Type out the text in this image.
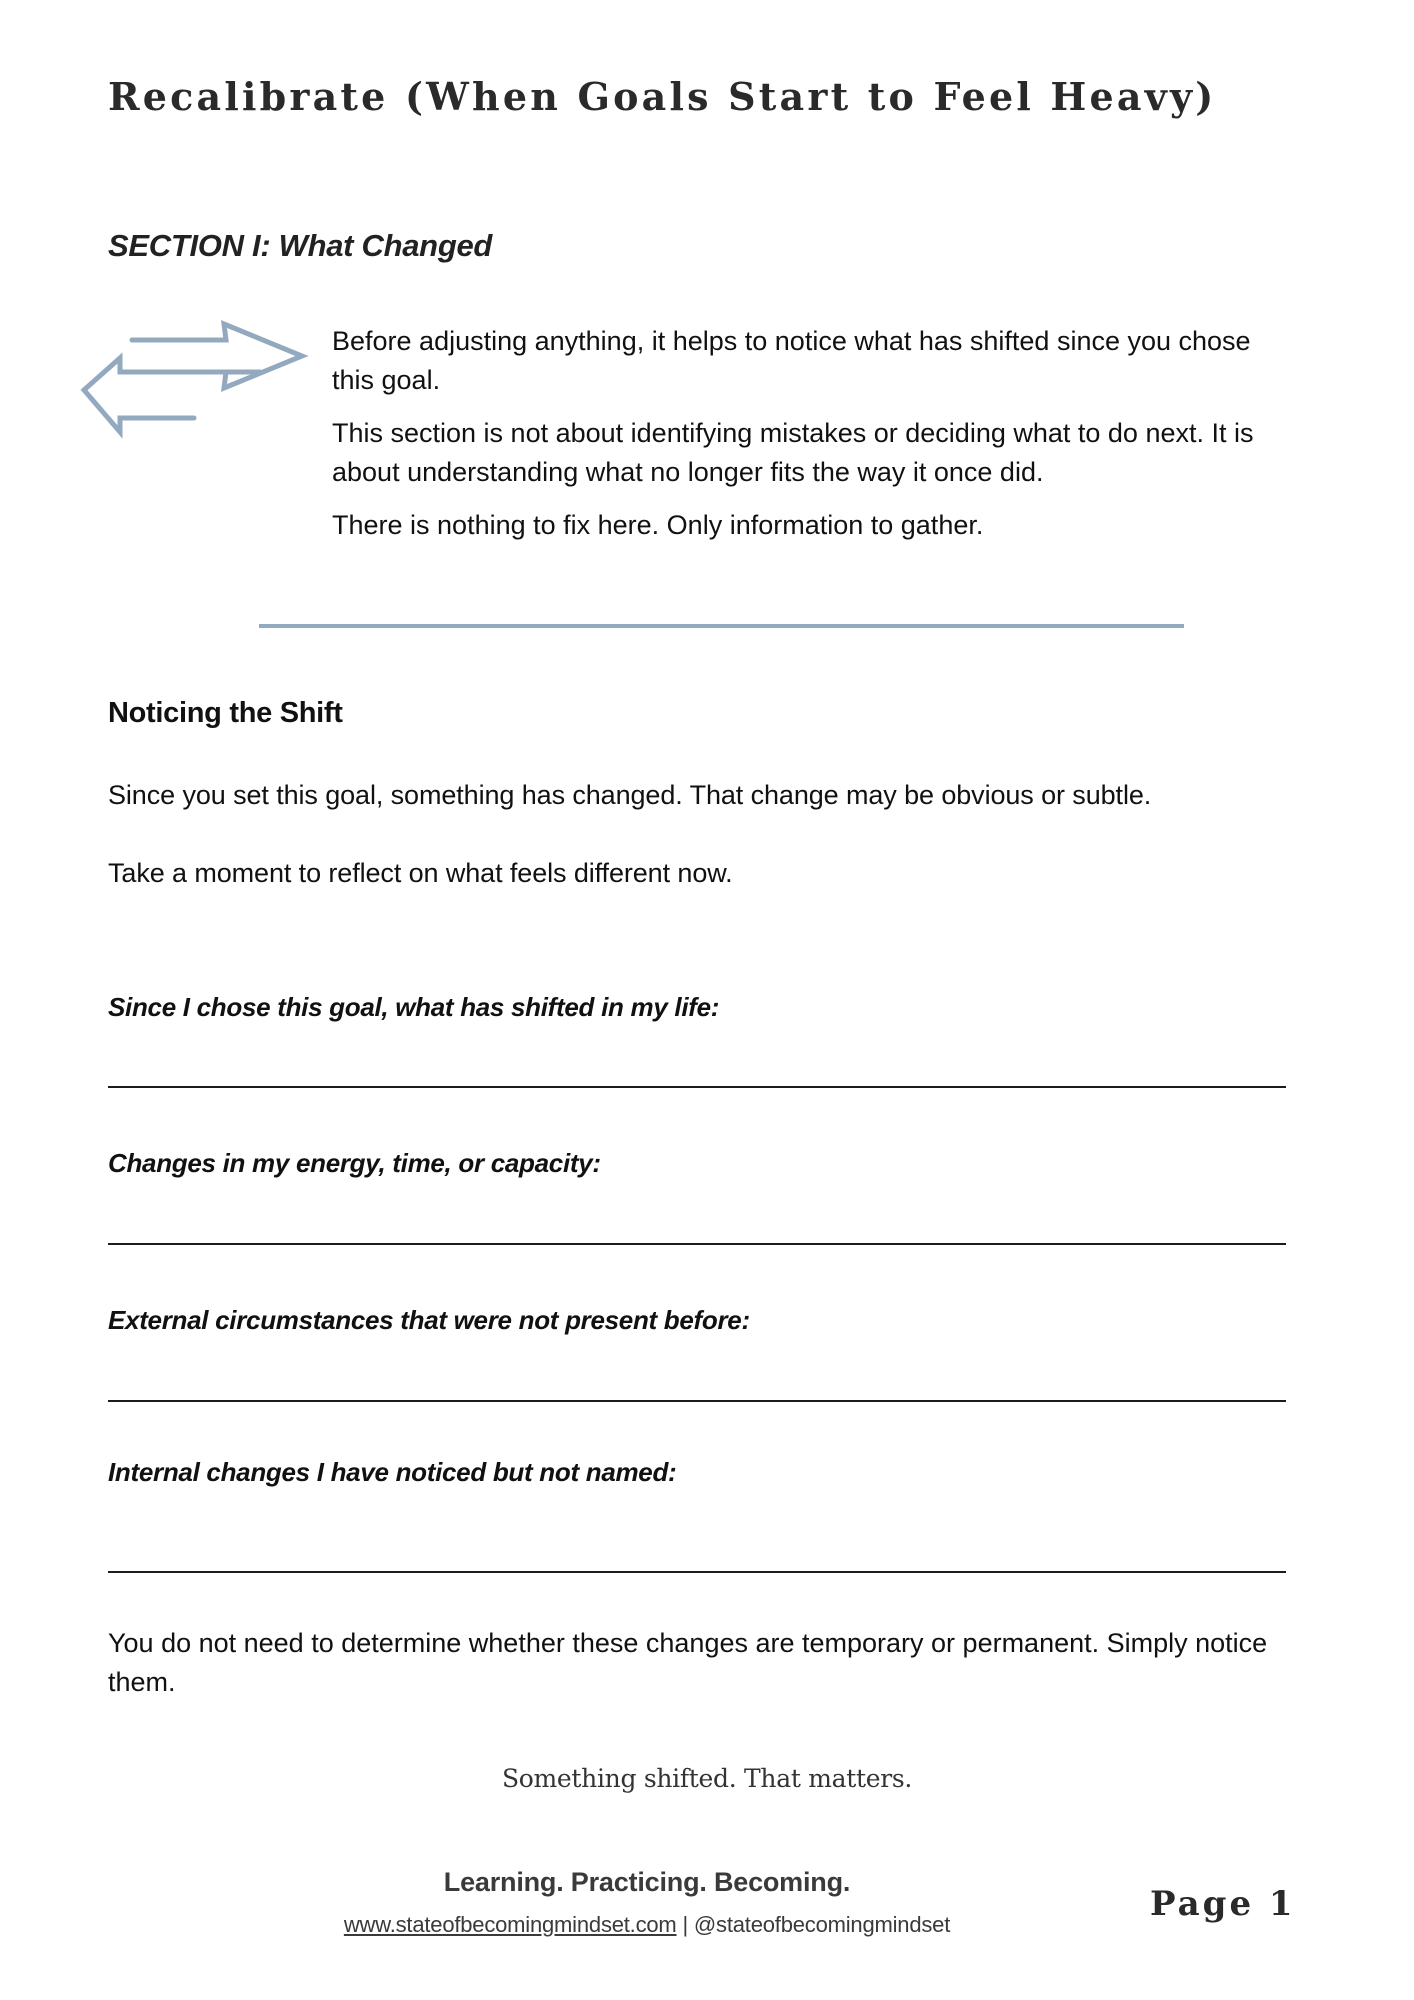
Recalibrate (When Goals Start to Feel Heavy)
SECTION I: What Changed

Before adjusting anything, it helps to notice what has shifted since you chose this goal.

This section is not about identifying mistakes or deciding what to do next. It is about understanding what no longer fits the way it once did.

There is nothing to fix here. Only information to gather.

Noticing the Shift
Since you set this goal, something has changed. That change may be obvious or subtle.
Take a moment to reflect on what feels different now.
Since I chose this goal, what has shifted in my life:
Changes in my energy, time, or capacity:
External circumstances that were not present before:
Internal changes I have noticed but not named:
You do not need to determine whether these changes are temporary or permanent. Simply notice them.
Something shifted. That matters.
Learning. Practicing. Becoming.
www.stateofbecomingmindset.com | @stateofbecomingmindset
Page 1
